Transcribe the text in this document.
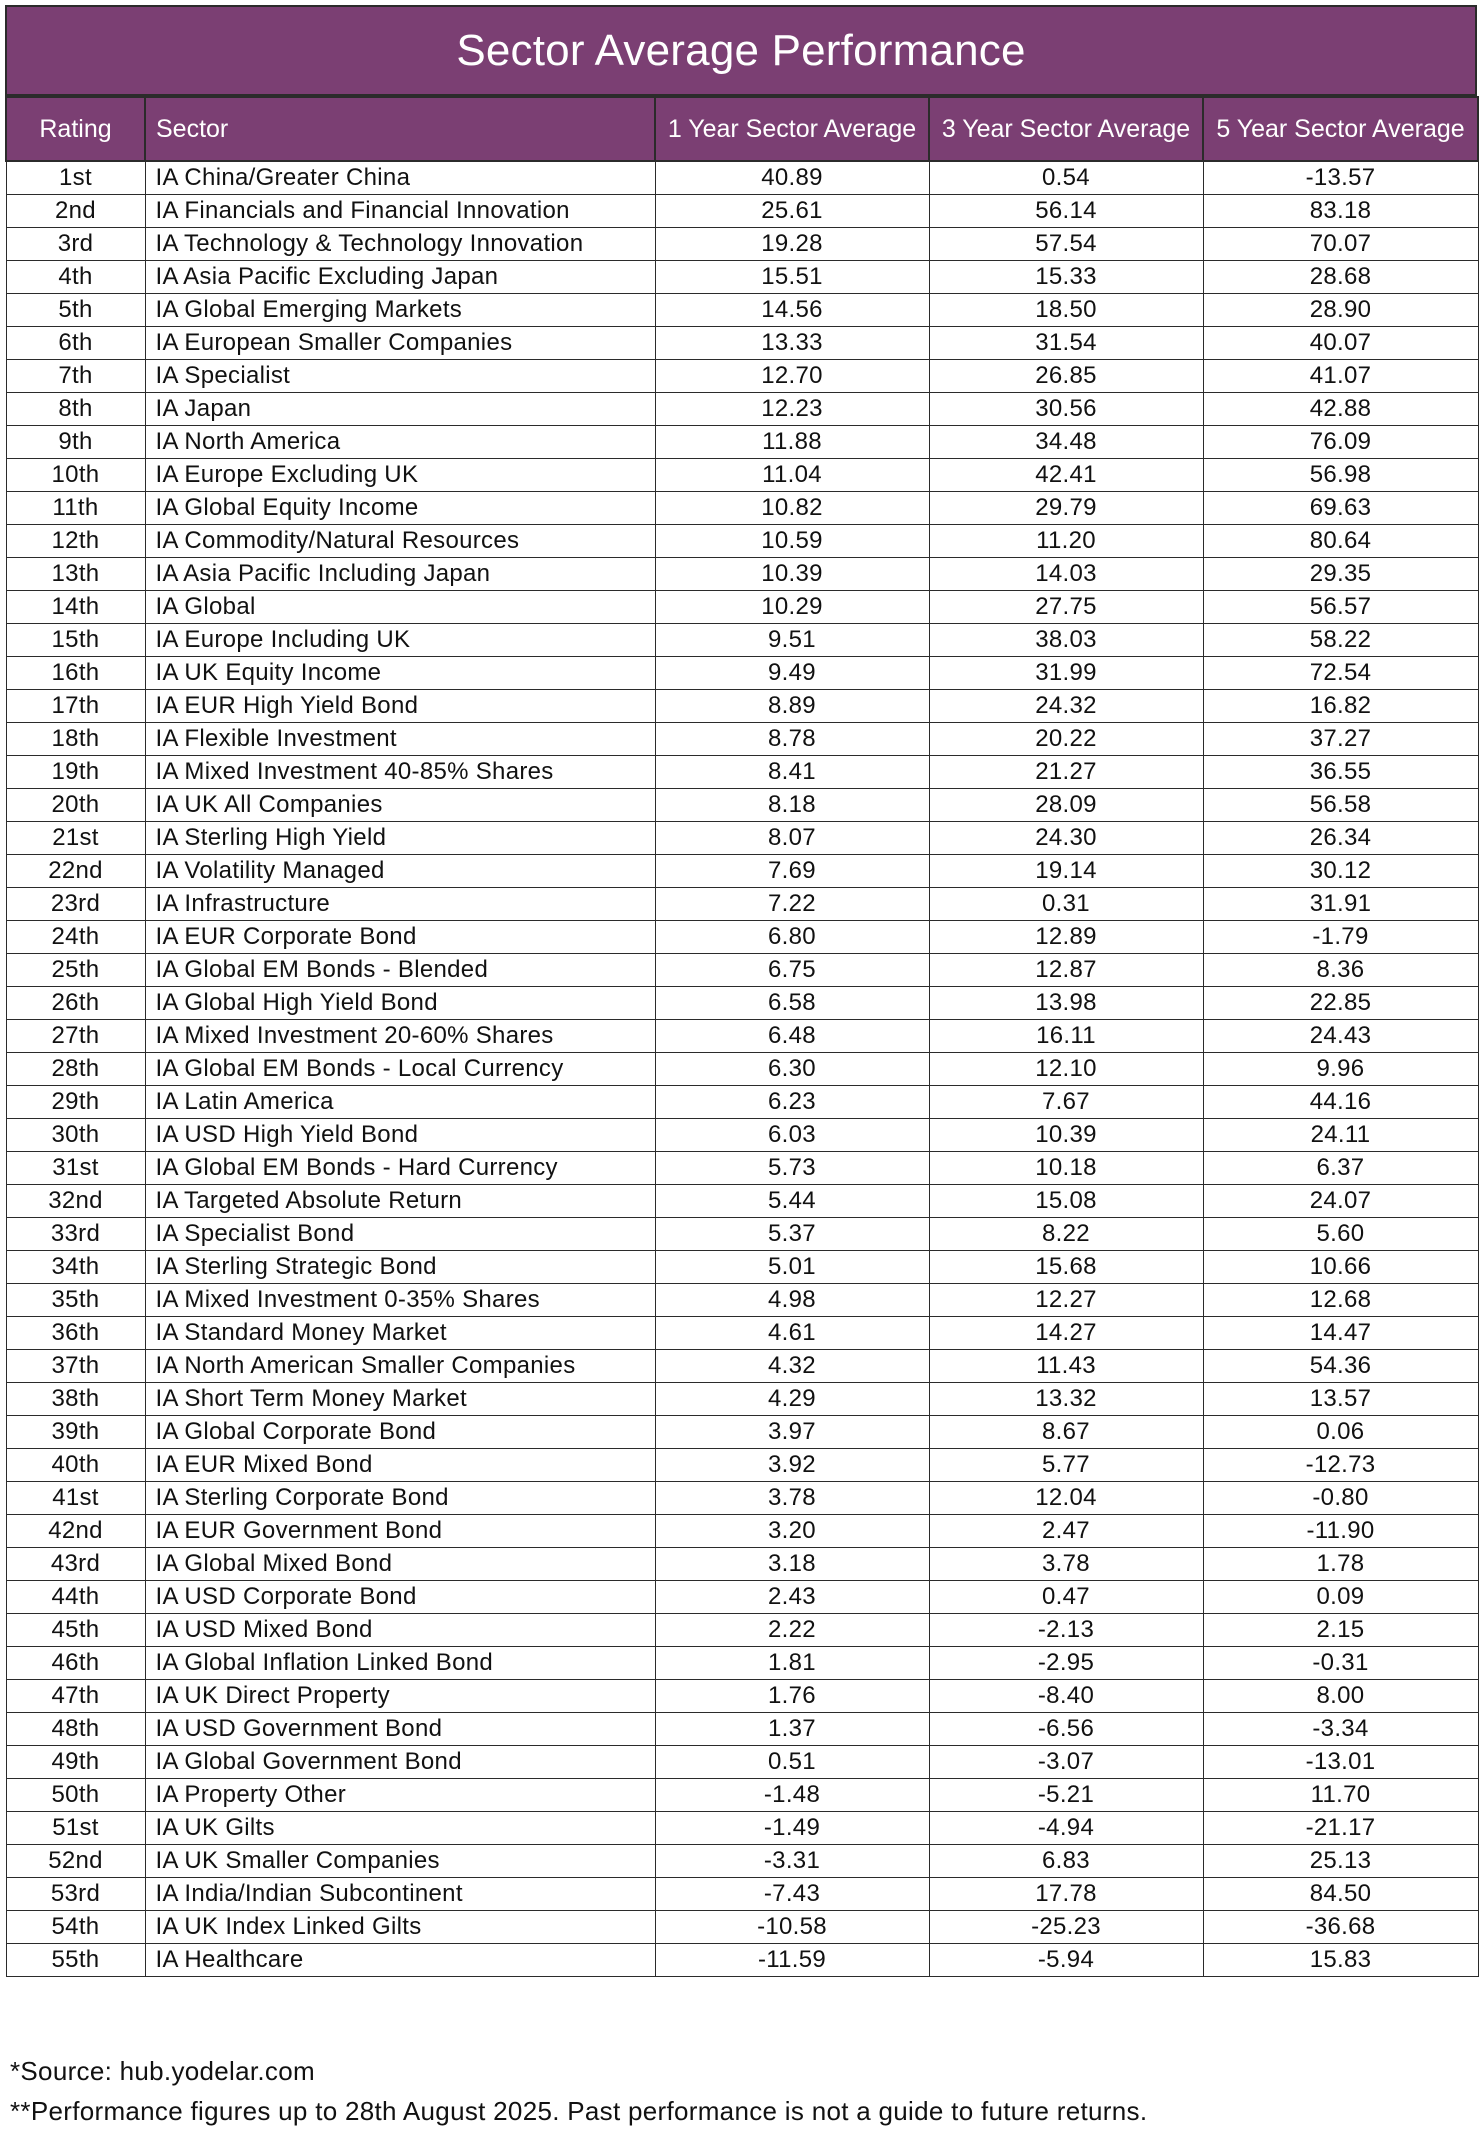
Sector Average Performance
Rating	Sector	1 Year Sector Average	3 Year Sector Average	5 Year Sector Average
1st	IA China/Greater China	40.89	0.54	-13.57
2nd	IA Financials and Financial Innovation	25.61	56.14	83.18
3rd	IA Technology & Technology Innovation	19.28	57.54	70.07
4th	IA Asia Pacific Excluding Japan	15.51	15.33	28.68
5th	IA Global Emerging Markets	14.56	18.50	28.90
6th	IA European Smaller Companies	13.33	31.54	40.07
7th	IA Specialist	12.70	26.85	41.07
8th	IA Japan	12.23	30.56	42.88
9th	IA North America	11.88	34.48	76.09
10th	IA Europe Excluding UK	11.04	42.41	56.98
11th	IA Global Equity Income	10.82	29.79	69.63
12th	IA Commodity/Natural Resources	10.59	11.20	80.64
13th	IA Asia Pacific Including Japan	10.39	14.03	29.35
14th	IA Global	10.29	27.75	56.57
15th	IA Europe Including UK	9.51	38.03	58.22
16th	IA UK Equity Income	9.49	31.99	72.54
17th	IA EUR High Yield Bond	8.89	24.32	16.82
18th	IA Flexible Investment	8.78	20.22	37.27
19th	IA Mixed Investment 40-85% Shares	8.41	21.27	36.55
20th	IA UK All Companies	8.18	28.09	56.58
21st	IA Sterling High Yield	8.07	24.30	26.34
22nd	IA Volatility Managed	7.69	19.14	30.12
23rd	IA Infrastructure	7.22	0.31	31.91
24th	IA EUR Corporate Bond	6.80	12.89	-1.79
25th	IA Global EM Bonds - Blended	6.75	12.87	8.36
26th	IA Global High Yield Bond	6.58	13.98	22.85
27th	IA Mixed Investment 20-60% Shares	6.48	16.11	24.43
28th	IA Global EM Bonds - Local Currency	6.30	12.10	9.96
29th	IA Latin America	6.23	7.67	44.16
30th	IA USD High Yield Bond	6.03	10.39	24.11
31st	IA Global EM Bonds - Hard Currency	5.73	10.18	6.37
32nd	IA Targeted Absolute Return	5.44	15.08	24.07
33rd	IA Specialist Bond	5.37	8.22	5.60
34th	IA Sterling Strategic Bond	5.01	15.68	10.66
35th	IA Mixed Investment 0-35% Shares	4.98	12.27	12.68
36th	IA Standard Money Market	4.61	14.27	14.47
37th	IA North American Smaller Companies	4.32	11.43	54.36
38th	IA Short Term Money Market	4.29	13.32	13.57
39th	IA Global Corporate Bond	3.97	8.67	0.06
40th	IA EUR Mixed Bond	3.92	5.77	-12.73
41st	IA Sterling Corporate Bond	3.78	12.04	-0.80
42nd	IA EUR Government Bond	3.20	2.47	-11.90
43rd	IA Global Mixed Bond	3.18	3.78	1.78
44th	IA USD Corporate Bond	2.43	0.47	0.09
45th	IA USD Mixed Bond	2.22	-2.13	2.15
46th	IA Global Inflation Linked Bond	1.81	-2.95	-0.31
47th	IA UK Direct Property	1.76	-8.40	8.00
48th	IA USD Government Bond	1.37	-6.56	-3.34
49th	IA Global Government Bond	0.51	-3.07	-13.01
50th	IA Property Other	-1.48	-5.21	11.70
51st	IA UK Gilts	-1.49	-4.94	-21.17
52nd	IA UK Smaller Companies	-3.31	6.83	25.13
53rd	IA India/Indian Subcontinent	-7.43	17.78	84.50
54th	IA UK Index Linked Gilts	-10.58	-25.23	-36.68
55th	IA Healthcare	-11.59	-5.94	15.83
*Source: hub.yodelar.com
**Performance figures up to 28th August 2025. Past performance is not a guide to future returns.
